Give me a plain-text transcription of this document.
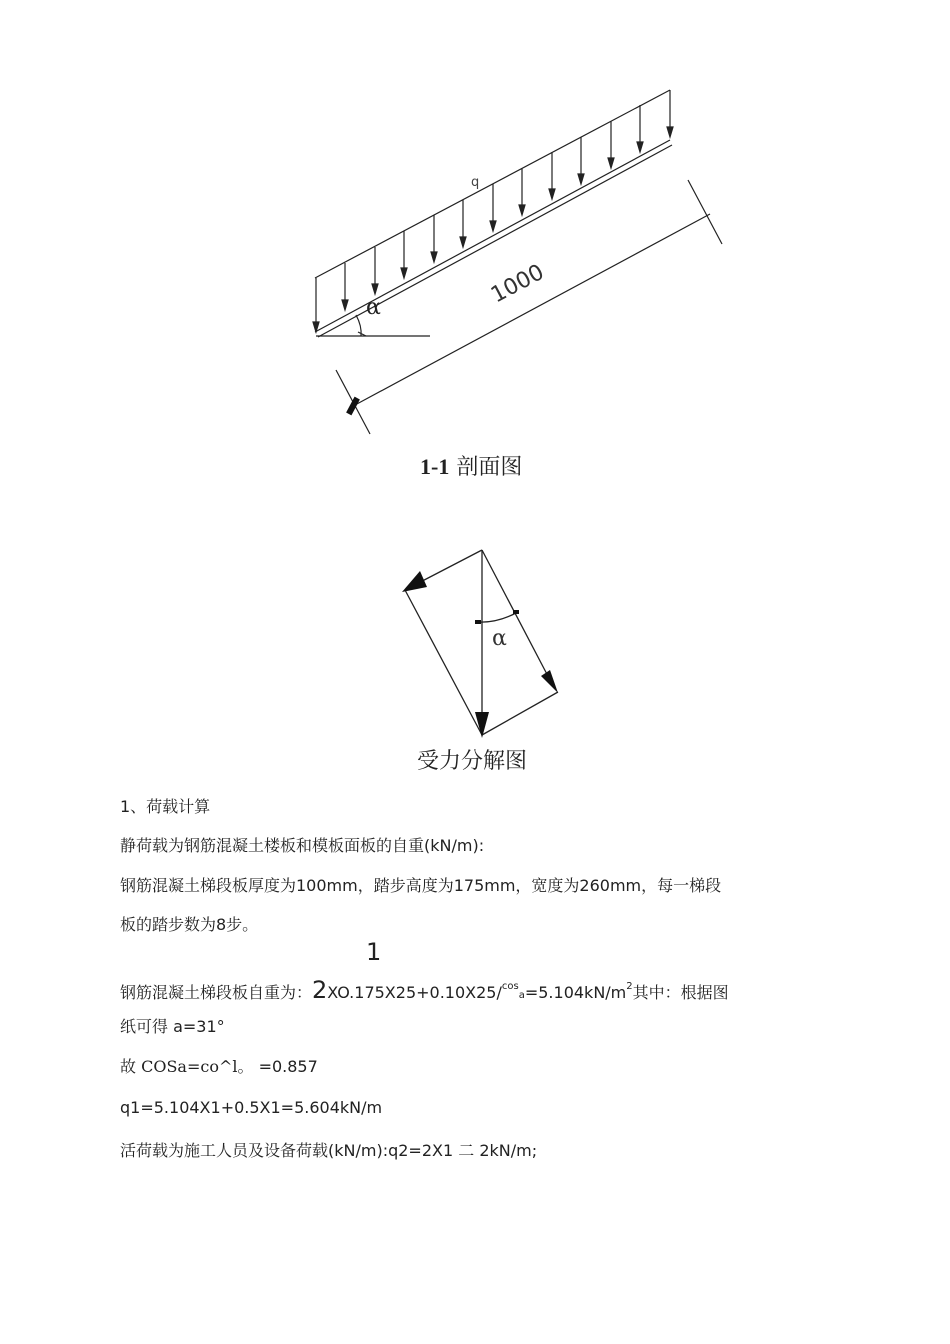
q
α	1000
1-1 剖面图
α
受力分解图
1、荷载计算
静荷载为钢筋混凝土楼板和模板面板的自重(kN/m):
钢筋混凝土梯段板厚度为100mm，踏步高度为175mm，宽度为260mm，每一梯段
板的踏步数为8步。
1
钢筋混凝土梯段板自重为：$2XO.175X25+0.10X25/^{cos}a=5.104kN/m^2$其中：根据图
纸可得 a=31°
故 COSa=co^l。 =0.857
q1=5.104X1+0.5X1=5.604kN/m
活荷载为施工人员及设备荷载(kN/m):q2=2X1 二 2kN/m;
